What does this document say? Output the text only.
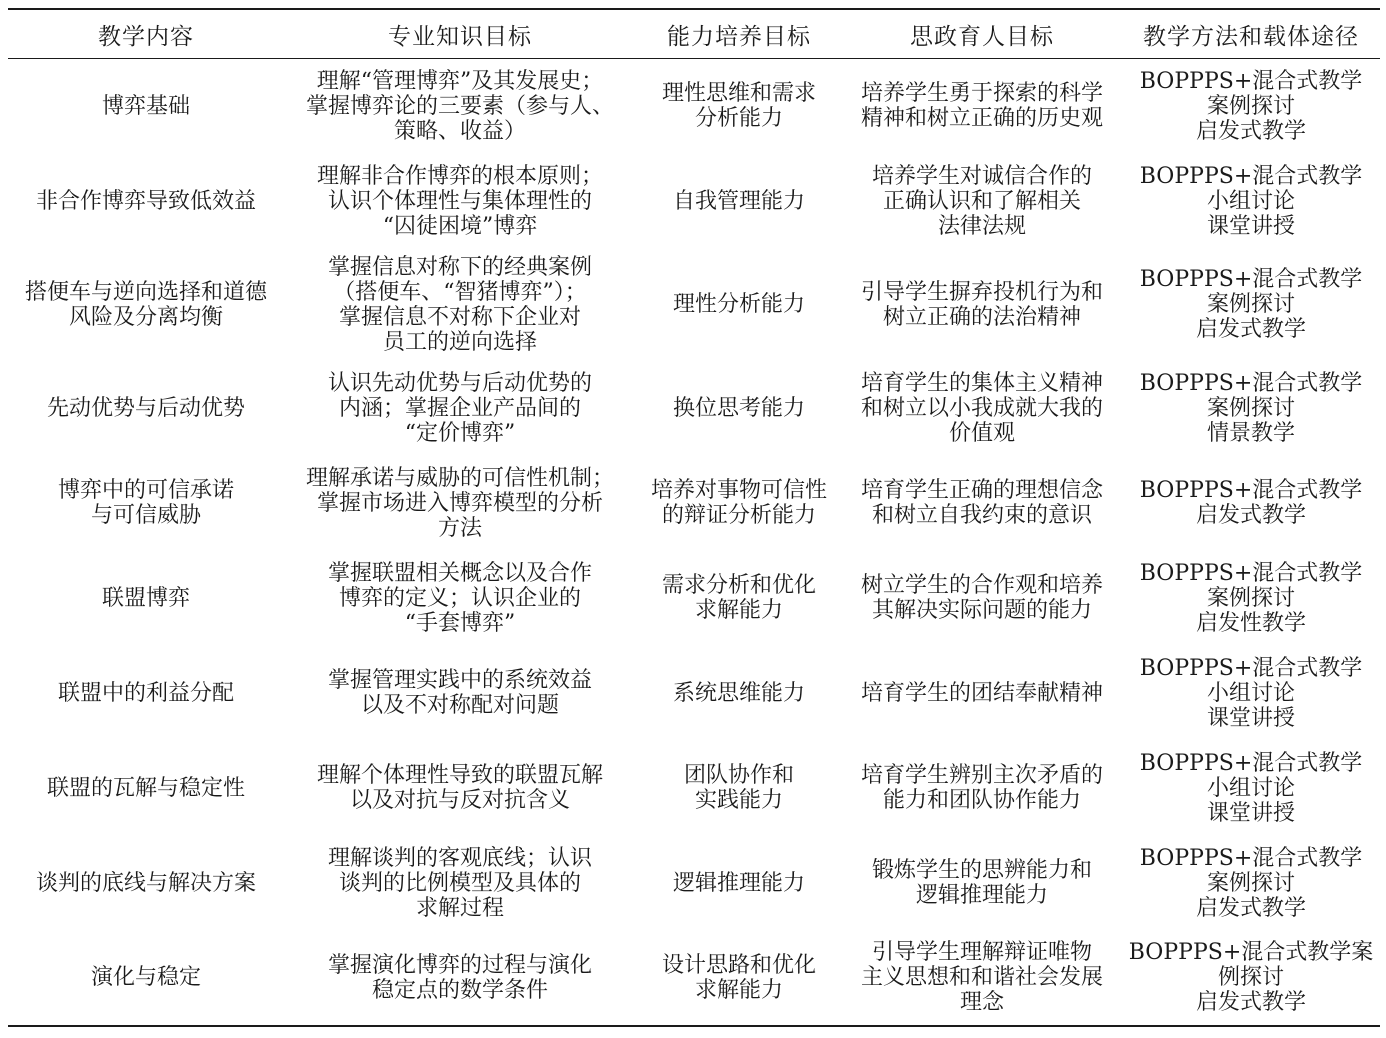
教学内容	专业知识目标	能力培养目标	思政育人目标	教学方法和载体途径
博弈基础	理解“管理博弈”及其发展史；
掌握博弈论的三要素（参与人、
策略、收益）	理性思维和需求
分析能力	培养学生勇于探索的科学
精神和树立正确的历史观	BOPPPS+混合式教学
案例探讨
启发式教学
非合作博弈导致低效益	理解非合作博弈的根本原则；
认识个体理性与集体理性的
“囚徒困境”博弈	自我管理能力	培养学生对诚信合作的
正确认识和了解相关
法律法规	BOPPPS+混合式教学
小组讨论
课堂讲授
搭便车与逆向选择和道德
风险及分离均衡	掌握信息对称下的经典案例
（搭便车、“智猪博弈”）；
掌握信息不对称下企业对
员工的逆向选择	理性分析能力	引导学生摒弃投机行为和
树立正确的法治精神	BOPPPS+混合式教学
案例探讨
启发式教学
先动优势与后动优势	认识先动优势与后动优势的
内涵；掌握企业产品间的
“定价博弈”	换位思考能力	培育学生的集体主义精神
和树立以小我成就大我的
价值观	BOPPPS+混合式教学
案例探讨
情景教学
博弈中的可信承诺
与可信威胁	理解承诺与威胁的可信性机制；
掌握市场进入博弈模型的分析
方法	培养对事物可信性
的辩证分析能力	培育学生正确的理想信念
和树立自我约束的意识	BOPPPS+混合式教学
启发式教学
联盟博弈	掌握联盟相关概念以及合作
博弈的定义；认识企业的
“手套博弈”	需求分析和优化
求解能力	树立学生的合作观和培养
其解决实际问题的能力	BOPPPS+混合式教学
案例探讨
启发性教学
联盟中的利益分配	掌握管理实践中的系统效益
以及不对称配对问题	系统思维能力	培育学生的团结奉献精神	BOPPPS+混合式教学
小组讨论
课堂讲授
联盟的瓦解与稳定性	理解个体理性导致的联盟瓦解
以及对抗与反对抗含义	团队协作和
实践能力	培育学生辨别主次矛盾的
能力和团队协作能力	BOPPPS+混合式教学
小组讨论
课堂讲授
谈判的底线与解决方案	理解谈判的客观底线；认识
谈判的比例模型及具体的
求解过程	逻辑推理能力	锻炼学生的思辨能力和
逻辑推理能力	BOPPPS+混合式教学
案例探讨
启发式教学
演化与稳定	掌握演化博弈的过程与演化
稳定点的数学条件	设计思路和优化
求解能力	引导学生理解辩证唯物
主义思想和和谐社会发展
理念	BOPPPS+混合式教学案
例探讨
启发式教学
